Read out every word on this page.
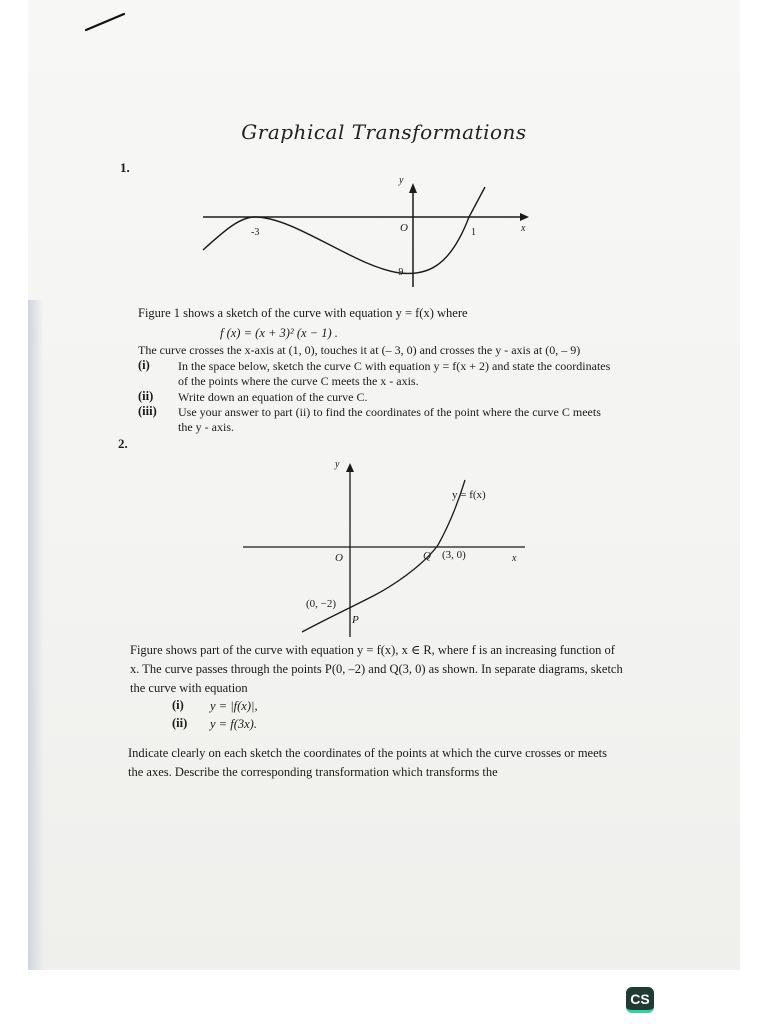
Graphical Transformations
1.
y
x
O
-3	1
-9
Figure 1 shows a sketch of the curve with equation y = f(x) where
f (x) = (x + 3)² (x − 1) .
The curve crosses the x-axis at (1, 0), touches it at (– 3, 0) and crosses the y - axis at (0, – 9)
(i) In the space below, sketch the curve C with equation y = f(x + 2) and state the coordinates
of the points where the curve C meets the x - axis.
(ii) Write down an equation of the curve C.
(iii) Use your answer to part (ii) to find the coordinates of the point where the curve C meets
the y - axis.
2.
y
x
O
y = f(x)
Q (3, 0)
(0, −2)
P
Figure shows part of the curve with equation y = f(x), x ∈ R, where f is an increasing function of
x. The curve passes through the points P(0, –2) and Q(3, 0) as shown. In separate diagrams, sketch
the curve with equation
(i) y = |f(x)|,
(ii) y = f(3x).
Indicate clearly on each sketch the coordinates of the points at which the curve crosses or meets
the axes. Describe the corresponding transformation which transforms the
CS
